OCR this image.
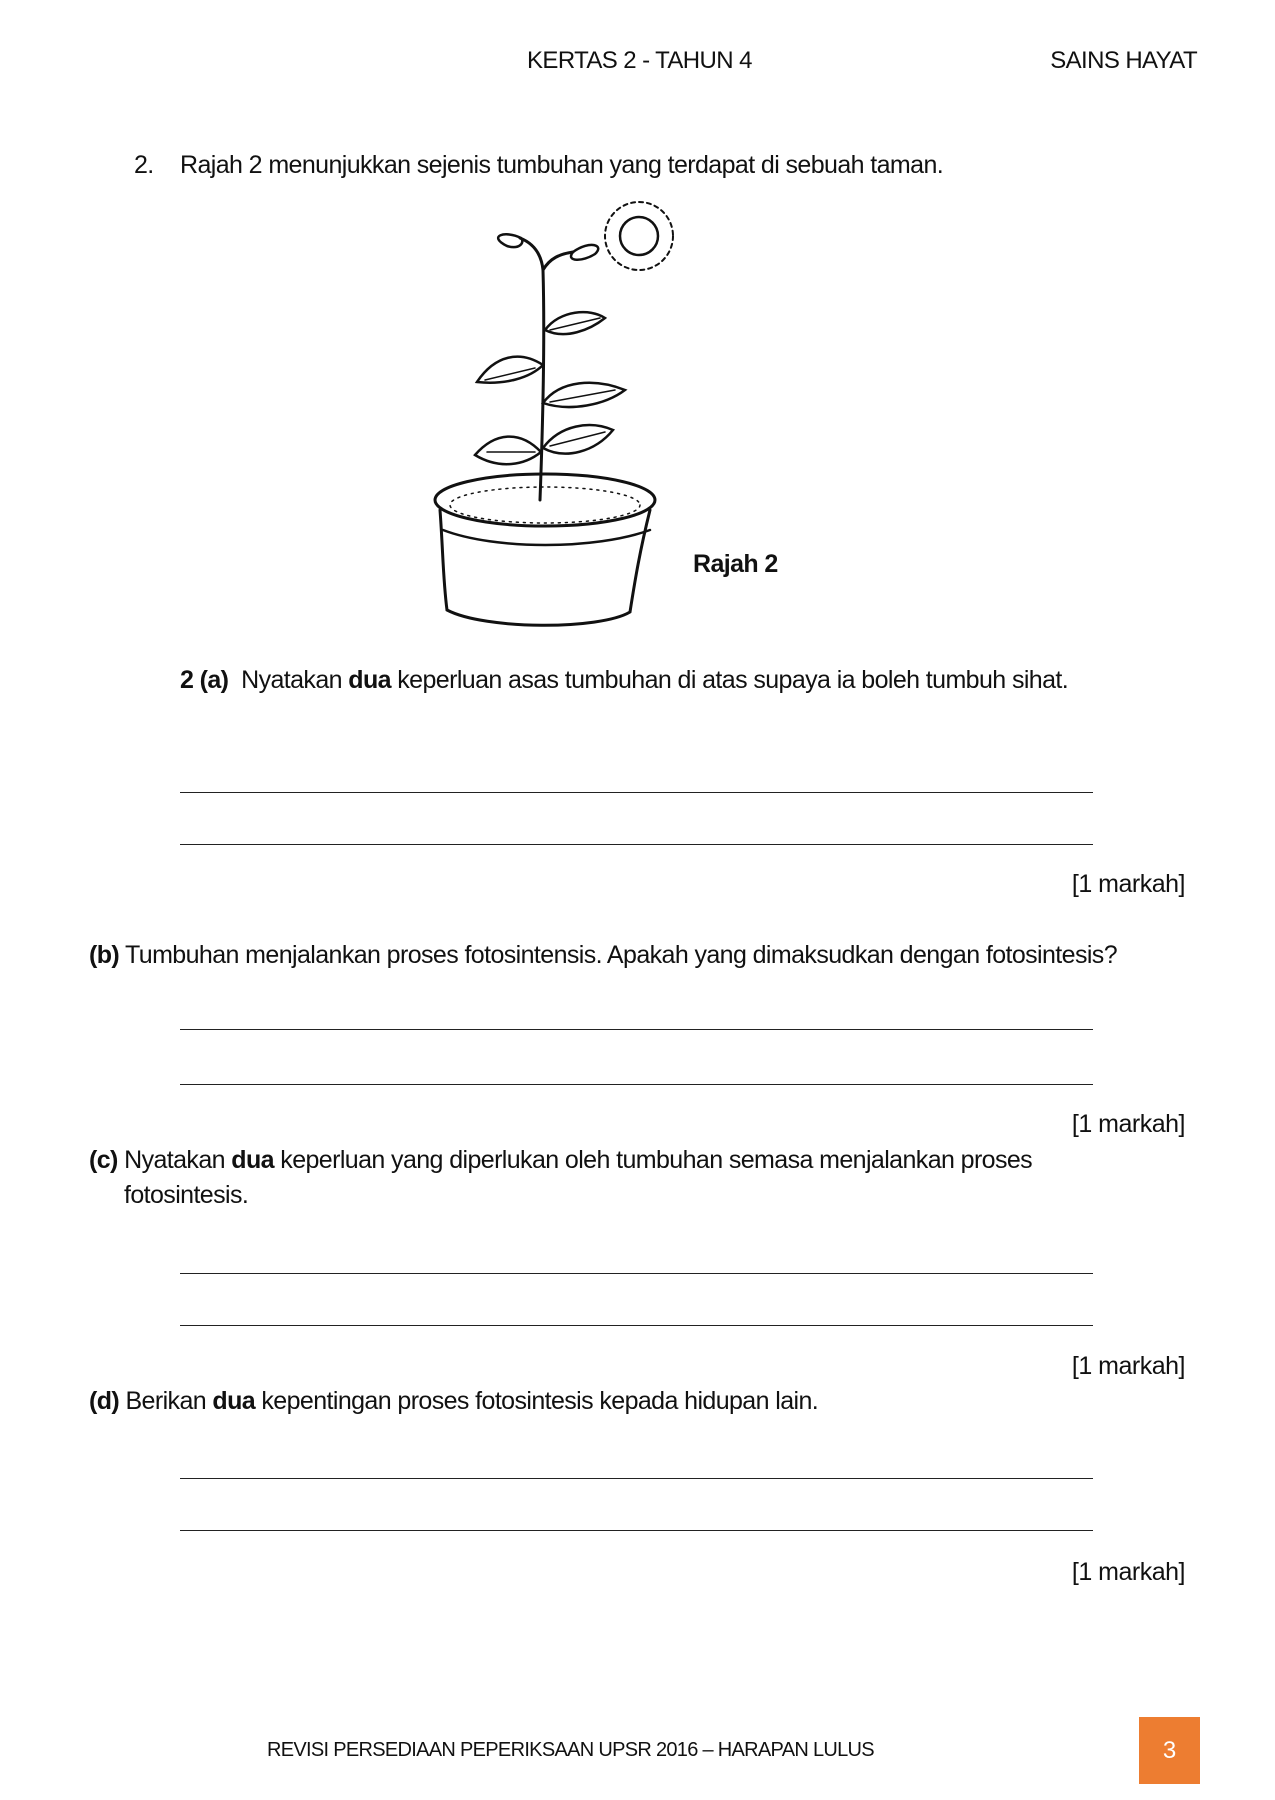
KERTAS 2 - TAHUN 4	SAINS HAYAT
2. Rajah 2 menunjukkan sejenis tumbuhan yang terdapat di sebuah taman.
Rajah 2
2 (a) Nyatakan dua keperluan asas tumbuhan di atas supaya ia boleh tumbuh sihat.
[1 markah]
(b) Tumbuhan menjalankan proses fotosintensis. Apakah yang dimaksudkan dengan fotosintesis?
[1 markah]
(c) Nyatakan dua keperluan yang diperlukan oleh tumbuhan semasa menjalankan proses
fotosintesis.
[1 markah]
(d) Berikan dua kepentingan proses fotosintesis kepada hidupan lain.
[1 markah]
REVISI PERSEDIAAN PEPERIKSAAN UPSR 2016 – HARAPAN LULUS	3
